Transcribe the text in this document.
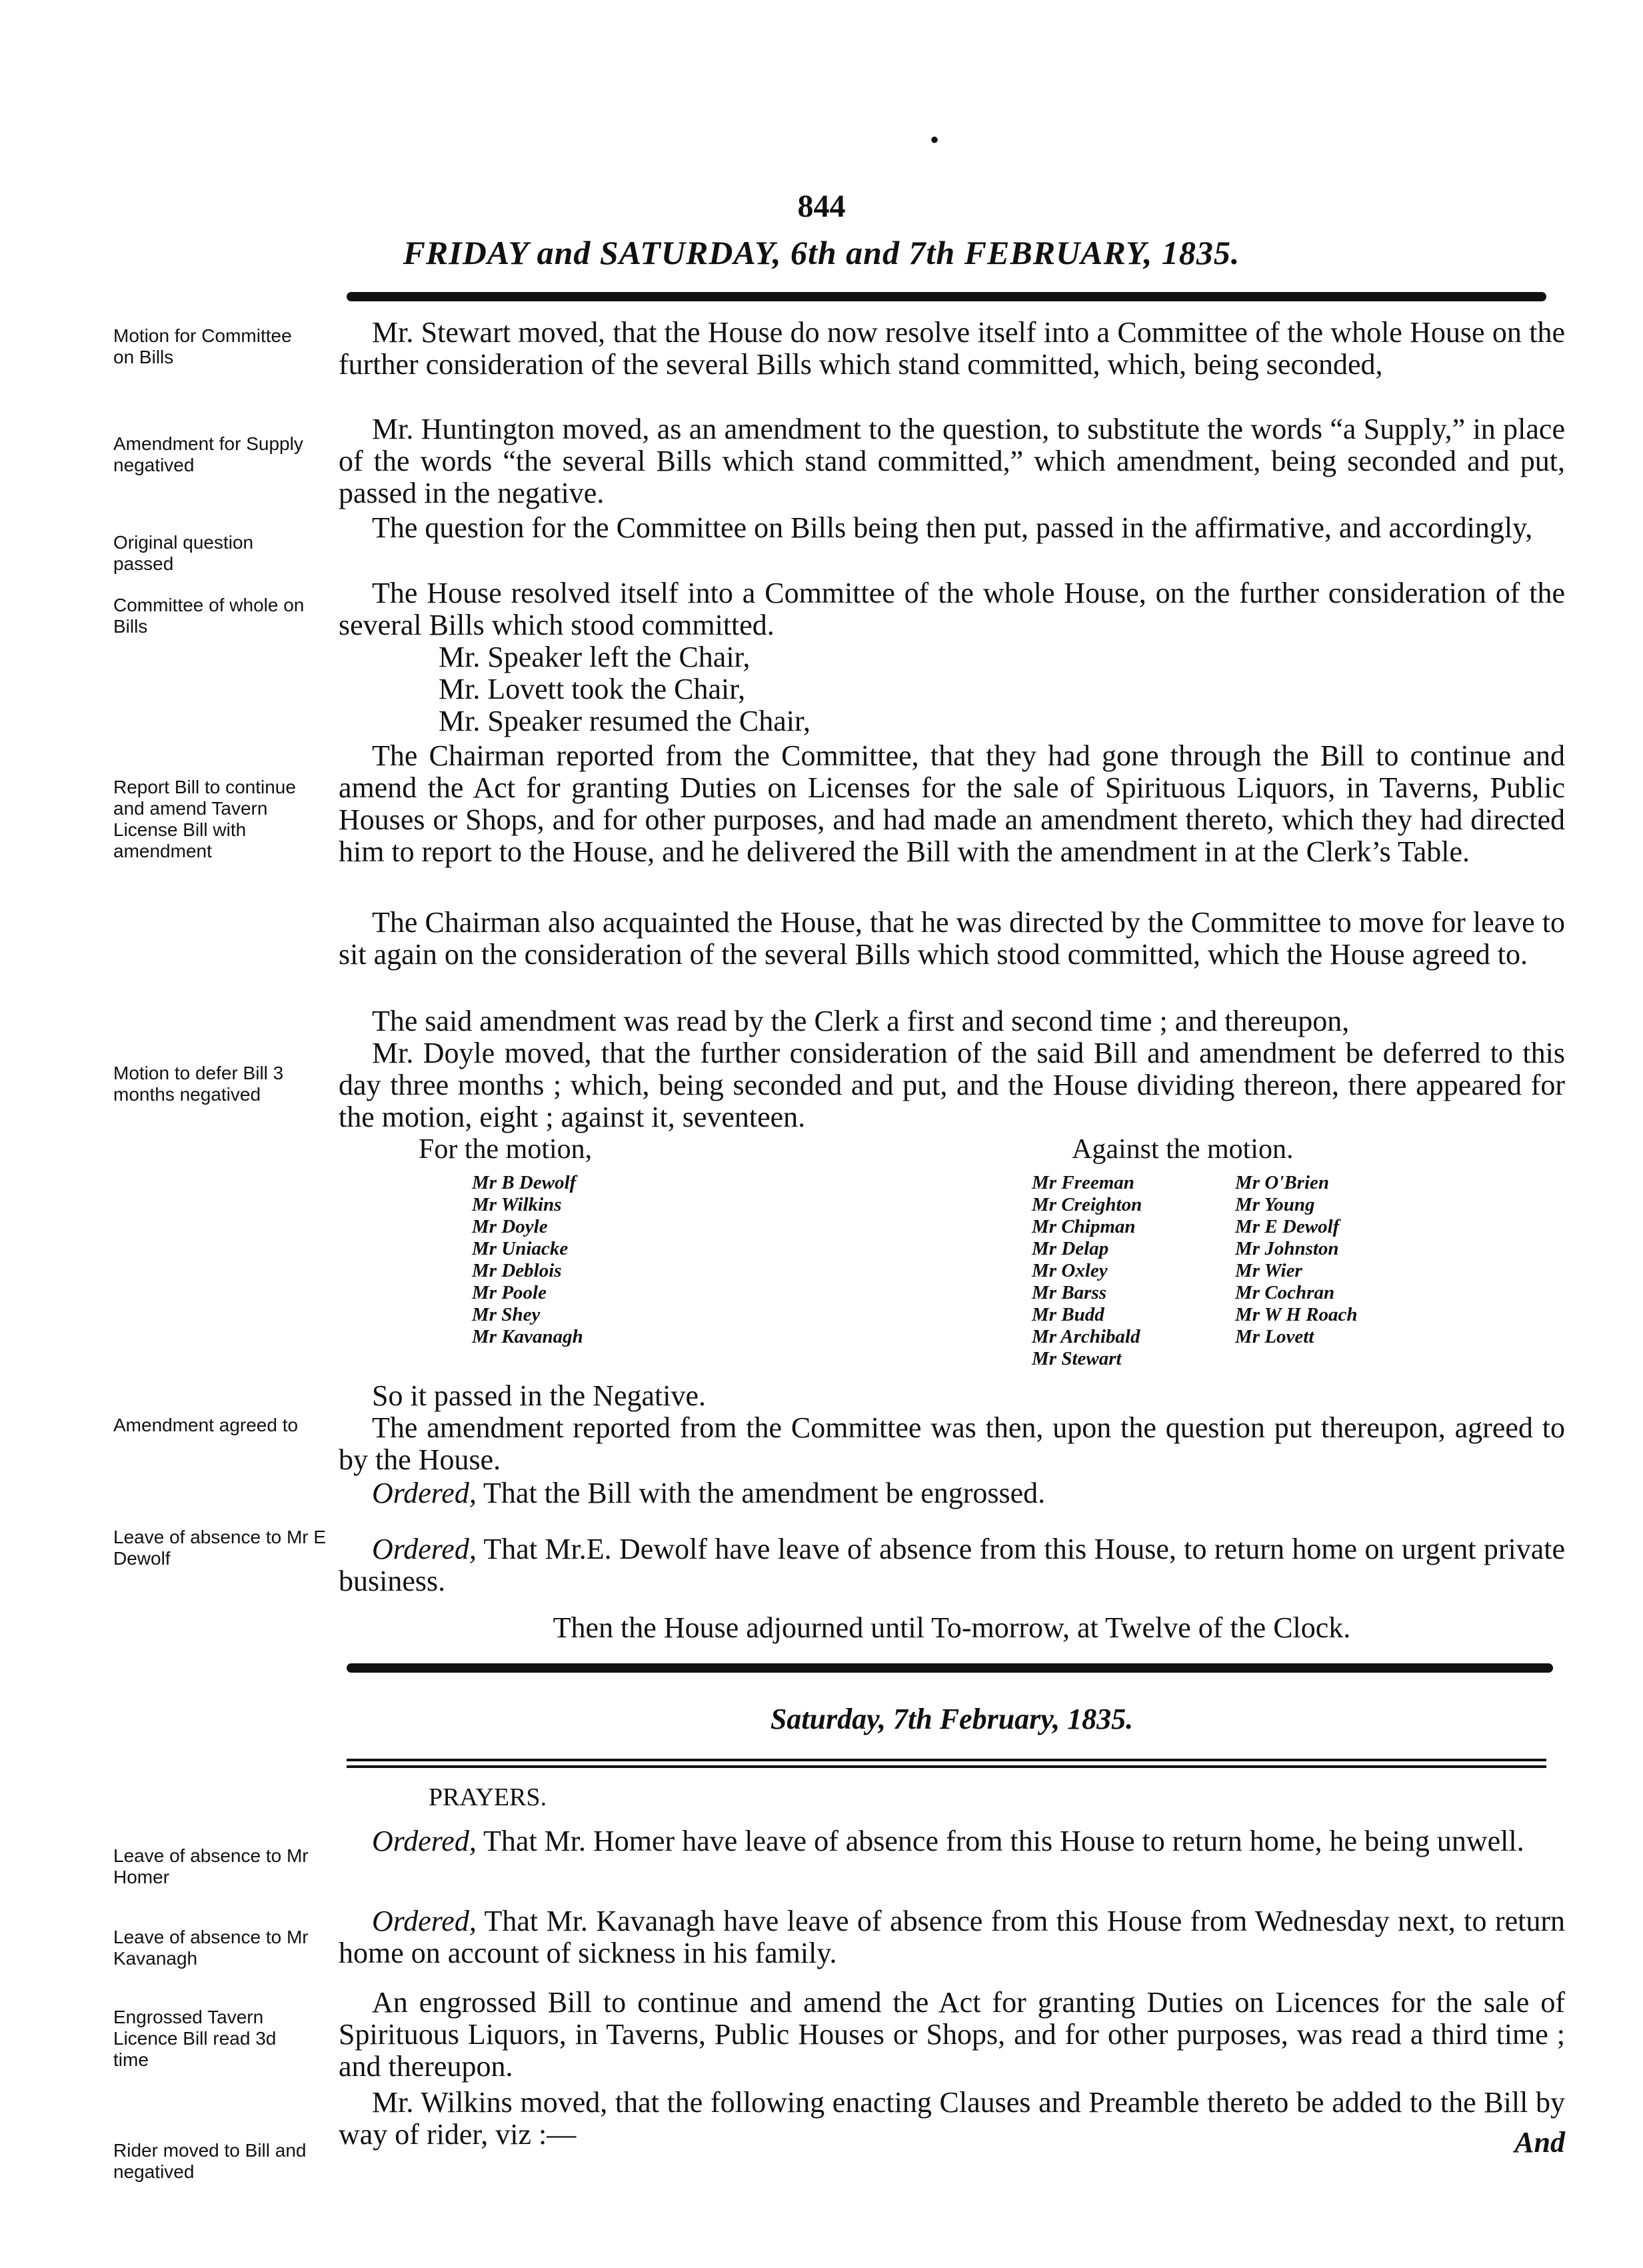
•
844
FRIDAY and SATURDAY, 6th and 7th FEBRUARY, 1835.
Motion for Committee on Bills
Amendment for Supply negatived
Original question passed
Committee of whole on Bills
Report Bill to continue and amend Tavern License Bill with amendment
Motion to defer Bill 3 months negatived
Amendment agreed to
Leave of absence to Mr E Dewolf
Leave of absence to Mr Homer
Leave of absence to Mr Kavanagh
Engrossed Tavern Licence Bill read 3d time
Rider moved to Bill and negatived
Mr. Stewart moved, that the House do now resolve itself into a Committee of the whole House on the further consideration of the several Bills which stand committed, which, being seconded,
Mr. Huntington moved, as an amendment to the question, to substitute the words “a Supply,” in place of the words “the several Bills which stand committed,” which amendment, being seconded and put, passed in the negative.
The question for the Committee on Bills being then put, passed in the affirmative, and accordingly,
The House resolved itself into a Committee of the whole House, on the further consideration of the several Bills which stood committed.
Mr. Speaker left the Chair,
Mr. Lovett took the Chair,
Mr. Speaker resumed the Chair,
The Chairman reported from the Committee, that they had gone through the Bill to continue and amend the Act for granting Duties on Licenses for the sale of Spirituous Liquors, in Taverns, Public Houses or Shops, and for other purposes, and had made an amendment thereto, which they had directed him to report to the House, and he delivered the Bill with the amendment in at the Clerk’s Table.
The Chairman also acquainted the House, that he was directed by the Committee to move for leave to sit again on the consideration of the several Bills which stood committed, which the House agreed to.
The said amendment was read by the Clerk a first and second time ; and thereupon,
Mr. Doyle moved, that the further consideration of the said Bill and amendment be deferred to this day three months ; which, being seconded and put, and the House dividing thereon, there appeared for the motion, eight ; against it, seventeen.
For the motion,	Against the motion.
Mr B Dewolf
Mr Wilkins
Mr Doyle
Mr Uniacke
Mr Deblois
Mr Poole
Mr Shey
Mr Kavanagh
Mr Freeman
Mr Creighton
Mr Chipman
Mr Delap
Mr Oxley
Mr Barss
Mr Budd
Mr Archibald
Mr Stewart
Mr O'Brien
Mr Young
Mr E Dewolf
Mr Johnston
Mr Wier
Mr Cochran
Mr W H Roach
Mr Lovett
So it passed in the Negative.
The amendment reported from the Committee was then, upon the question put thereupon, agreed to by the House.
Ordered, That the Bill with the amendment be engrossed.
Ordered, That Mr.E. Dewolf have leave of absence from this House, to return home on urgent private business.
Then the House adjourned until To-morrow, at Twelve of the Clock.
Saturday, 7th February, 1835.
PRAYERS.
Ordered, That Mr. Homer have leave of absence from this House to return home, he being unwell.
Ordered, That Mr. Kavanagh have leave of absence from this House from Wednesday next, to return home on account of sickness in his family.
An engrossed Bill to continue and amend the Act for granting Duties on Licences for the sale of Spirituous Liquors, in Taverns, Public Houses or Shops, and for other purposes, was read a third time ; and thereupon.
Mr. Wilkins moved, that the following enacting Clauses and Preamble thereto be added to the Bill by way of rider, viz :—	And
